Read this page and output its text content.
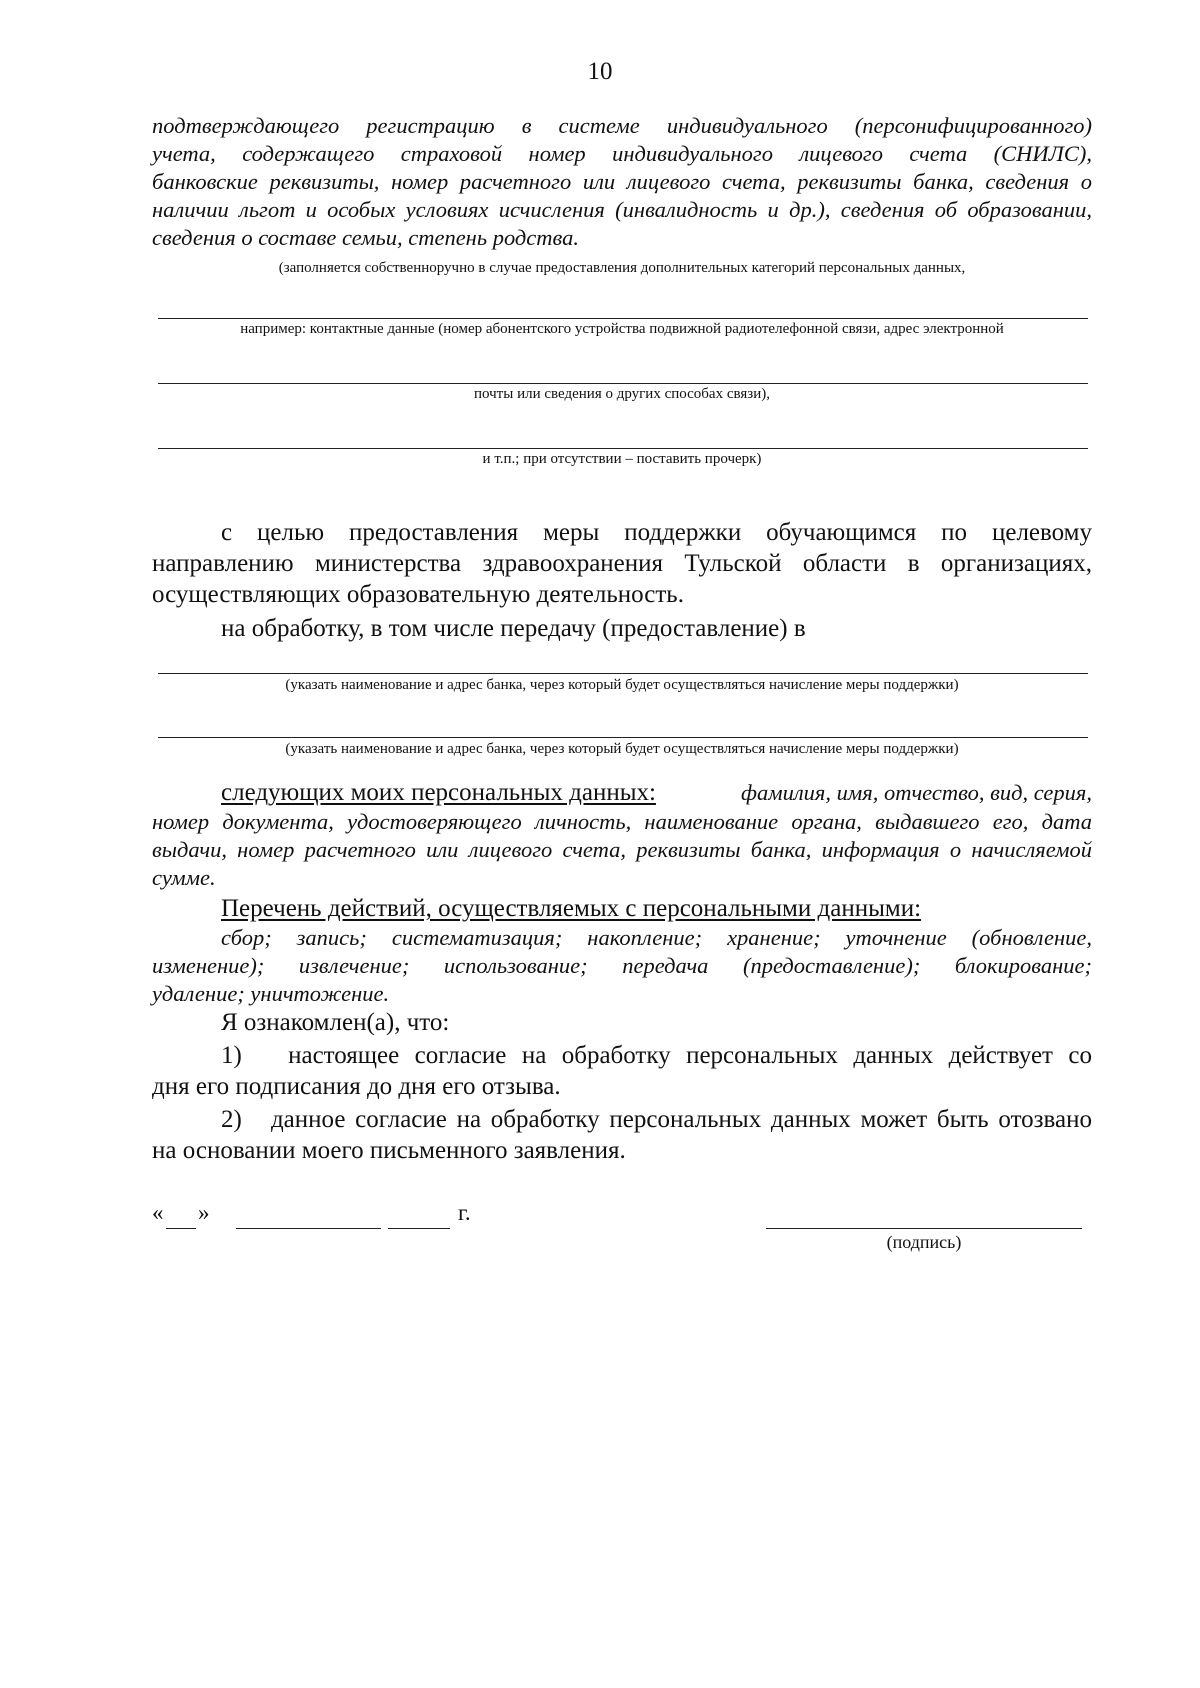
10
подтверждающего регистрацию в системе индивидуального (персонифицированного)
учета, содержащего страховой номер индивидуального лицевого счета (СНИЛС),
банковские реквизиты, номер расчетного или лицевого счета, реквизиты банка, сведения о
наличии льгот и особых условиях исчисления (инвалидность и др.), сведения об образовании,
сведения о составе семьи, степень родства.
(заполняется собственноручно в случае предоставления дополнительных категорий персональных данных,
например: контактные данные (номер абонентского устройства подвижной радиотелефонной связи, адрес электронной
почты или сведения о других способах связи),
и т.п.; при отсутствии – поставить прочерк)
с целью предоставления меры поддержки обучающимся по целевому
направлению министерства здравоохранения Тульской области в организациях,
осуществляющих образовательную деятельность.
на обработку, в том числе передачу (предоставление) в
(указать наименование и адрес банка, через который будет осуществляться начисление меры поддержки)
(указать наименование и адрес банка, через который будет осуществляться начисление меры поддержки)
следующих моих персональных данных:	фамилия, имя, отчество, вид, серия,
номер документа, удостоверяющего личность, наименование органа, выдавшего его, дата
выдачи, номер расчетного или лицевого счета, реквизиты банка, информация о начисляемой
сумме.
Перечень действий, осуществляемых с персональными данными:
сбор; запись; систематизация; накопление; хранение; уточнение (обновление,
изменение); извлечение; использование; передача (предоставление); блокирование;
удаление; уничтожение.
Я ознакомлен(а), что:
1) настоящее согласие на обработку персональных данных действует со
дня его подписания до дня его отзыва.
2) данное согласие на обработку персональных данных может быть отозвано
на основании моего письменного заявления.
« »	г.
(подпись)
